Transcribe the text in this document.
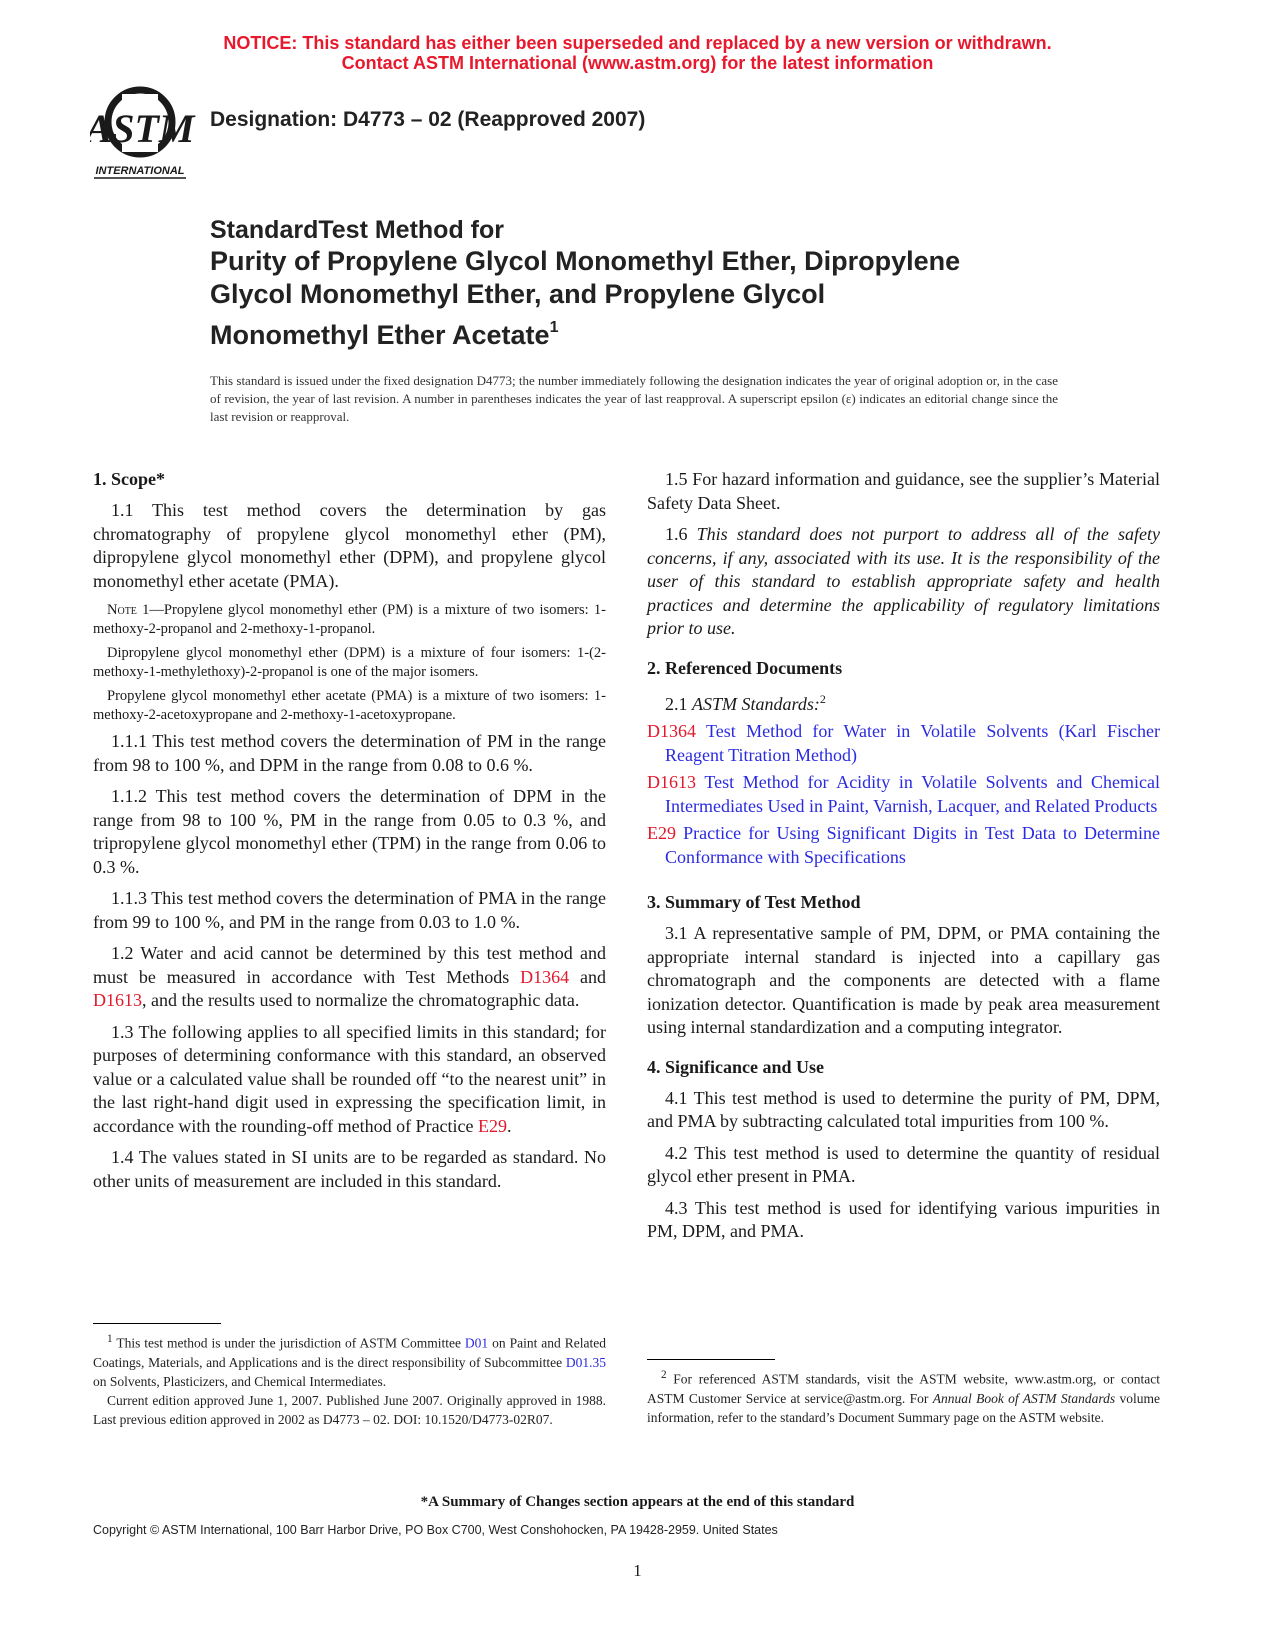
NOTICE: This standard has either been superseded and replaced by a new version or withdrawn.
Contact ASTM International (www.astm.org) for the latest information
ASTM
INTERNATIONAL
Designation: D4773 – 02 (Reapproved 2007)
StandardTest Method for
Purity of Propylene Glycol Monomethyl Ether, Dipropylene
Glycol Monomethyl Ether, and Propylene Glycol
Monomethyl Ether Acetate$^1$
This standard is issued under the fixed designation D4773; the number immediately following the designation indicates the year of original adoption or, in the case of revision, the year of last revision. A number in parentheses indicates the year of last reapproval. A superscript epsilon (ε) indicates an editorial change since the last revision or reapproval.
1. Scope*

1.1 This test method covers the determination by gas chromatography of propylene glycol monomethyl ether (PM), dipropylene glycol monomethyl ether (DPM), and propylene glycol monomethyl ether acetate (PMA).

Note 1—Propylene glycol monomethyl ether (PM) is a mixture of two isomers: 1-methoxy-2-propanol and 2-methoxy-1-propanol.

Dipropylene glycol monomethyl ether (DPM) is a mixture of four isomers: 1-(2-methoxy-1-methylethoxy)-2-propanol is one of the major isomers.

Propylene glycol monomethyl ether acetate (PMA) is a mixture of two isomers: 1-methoxy-2-acetoxypropane and 2-methoxy-1-acetoxypropane.

1.1.1 This test method covers the determination of PM in the range from 98 to 100 %, and DPM in the range from 0.08 to 0.6 %.

1.1.2 This test method covers the determination of DPM in the range from 98 to 100 %, PM in the range from 0.05 to 0.3 %, and tripropylene glycol monomethyl ether (TPM) in the range from 0.06 to 0.3 %.

1.1.3 This test method covers the determination of PMA in the range from 99 to 100 %, and PM in the range from 0.03 to 1.0 %.

1.2 Water and acid cannot be determined by this test method and must be measured in accordance with Test Methods D1364 and D1613, and the results used to normalize the chromatographic data.

1.3 The following applies to all specified limits in this standard; for purposes of determining conformance with this standard, an observed value or a calculated value shall be rounded off “to the nearest unit” in the last right-hand digit used in expressing the specification limit, in accordance with the rounding-off method of Practice E29.

1.4 The values stated in SI units are to be regarded as standard. No other units of measurement are included in this standard.

1.5 For hazard information and guidance, see the supplier’s Material Safety Data Sheet.

1.6 This standard does not purport to address all of the safety concerns, if any, associated with its use. It is the responsibility of the user of this standard to establish appropriate safety and health practices and determine the applicability of regulatory limitations prior to use.

2. Referenced Documents

2.1 ASTM Standards:$^2$

D1364 Test Method for Water in Volatile Solvents (Karl Fischer Reagent Titration Method)
D1613 Test Method for Acidity in Volatile Solvents and Chemical Intermediates Used in Paint, Varnish, Lacquer, and Related Products
E29 Practice for Using Significant Digits in Test Data to Determine Conformance with Specifications
3. Summary of Test Method

3.1 A representative sample of PM, DPM, or PMA containing the appropriate internal standard is injected into a capillary gas chromatograph and the components are detected with a flame ionization detector. Quantification is made by peak area measurement using internal standardization and a computing integrator.

4. Significance and Use

4.1 This test method is used to determine the purity of PM, DPM, and PMA by subtracting calculated total impurities from 100 %.

4.2 This test method is used to determine the quantity of residual glycol ether present in PMA.

4.3 This test method is used for identifying various impurities in PM, DPM, and PMA.

$^1$ This test method is under the jurisdiction of ASTM Committee D01 on Paint and Related Coatings, Materials, and Applications and is the direct responsibility of Subcommittee D01.35 on Solvents, Plasticizers, and Chemical Intermediates.

Current edition approved June 1, 2007. Published June 2007. Originally approved in 1988. Last previous edition approved in 2002 as D4773 – 02. DOI: 10.1520/D4773-02R07.

$^2$ For referenced ASTM standards, visit the ASTM website, www.astm.org, or contact ASTM Customer Service at service@astm.org. For Annual Book of ASTM Standards volume information, refer to the standard’s Document Summary page on the ASTM website.

*A Summary of Changes section appears at the end of this standard
Copyright © ASTM International, 100 Barr Harbor Drive, PO Box C700, West Conshohocken, PA 19428-2959. United States
1
